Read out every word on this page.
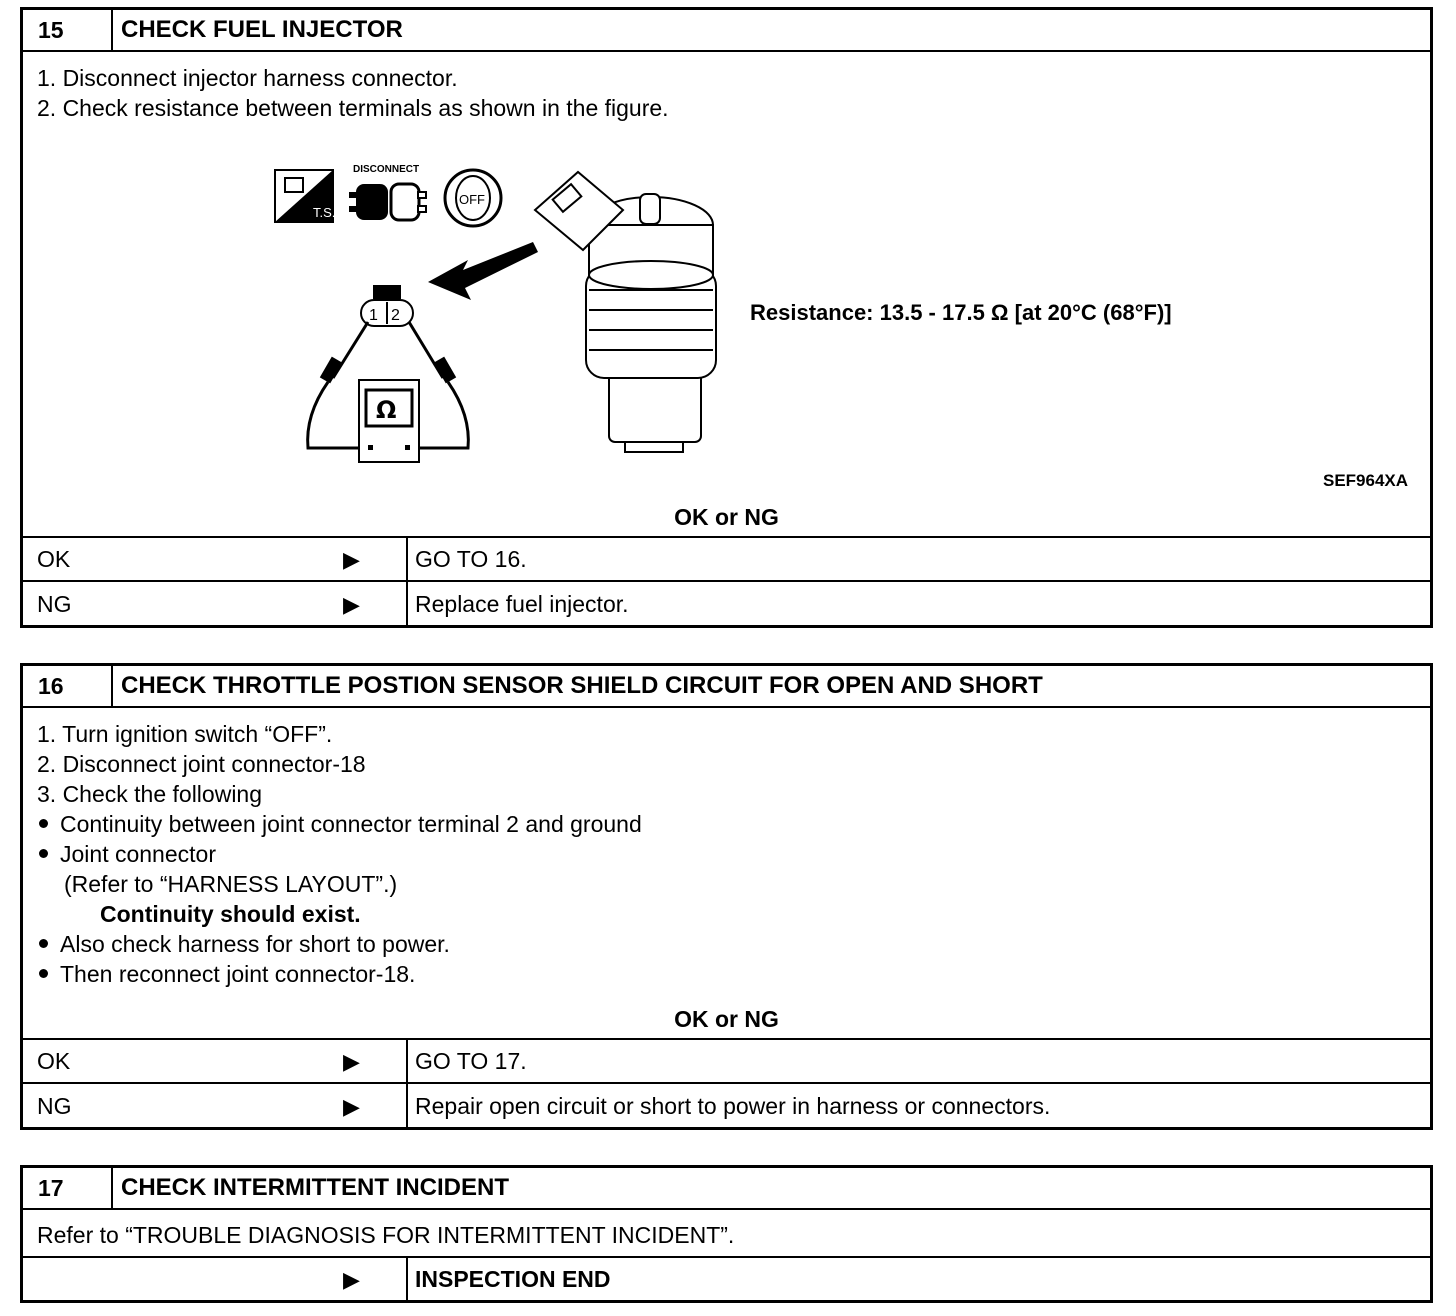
15	CHECK FUEL INJECTOR
1. Disconnect injector harness connector.
2. Check resistance between terminals as shown in the figure.
T.S.
DISCONNECT
OFF
1 2
Ω
Resistance: 13.5 - 17.5 Ω [at 20°C (68°F)]
SEF964XA
OK or NG
OK	▶ GO TO 16.
NG	▶ Replace fuel injector.
16	CHECK THROTTLE POSTION SENSOR SHIELD CIRCUIT FOR OPEN AND SHORT
1. Turn ignition switch “OFF”.
2. Disconnect joint connector-18
3. Check the following
Continuity between joint connector terminal 2 and ground
Joint connector
(Refer to “HARNESS LAYOUT”.)
Continuity should exist.
Also check harness for short to power.
Then reconnect joint connector-18.
OK or NG
OK	▶ GO TO 17.
NG	▶ Repair open circuit or short to power in harness or connectors.
17	CHECK INTERMITTENT INCIDENT
Refer to “TROUBLE DIAGNOSIS FOR INTERMITTENT INCIDENT”.
▶ INSPECTION END
